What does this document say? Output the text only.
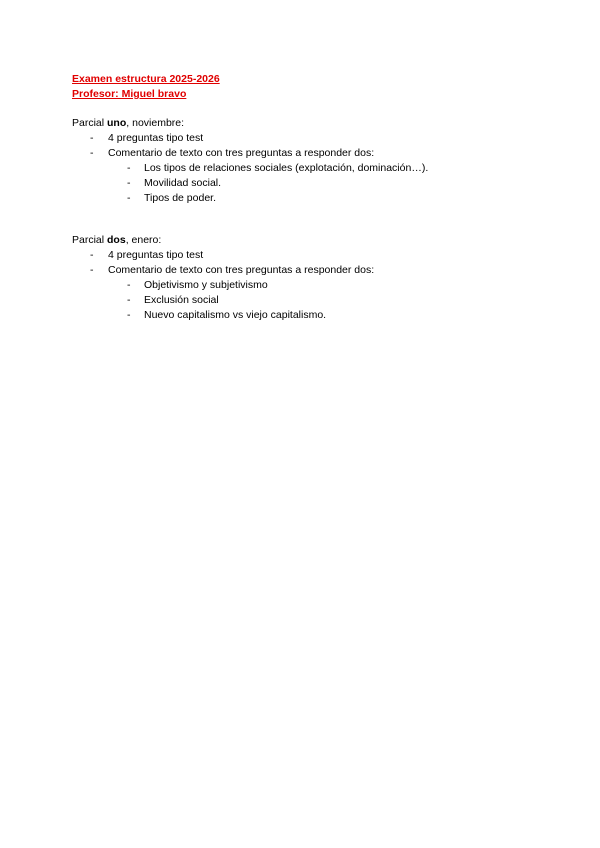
Examen estructura 2025-2026
Profesor: Miguel bravo
Parcial uno, noviembre:
- 4 preguntas tipo test
- Comentario de texto con tres preguntas a responder dos:
- Los tipos de relaciones sociales (explotación, dominación…).
- Movilidad social.
- Tipos de poder.
Parcial dos, enero:
- 4 preguntas tipo test
- Comentario de texto con tres preguntas a responder dos:
- Objetivismo y subjetivismo
- Exclusión social
- Nuevo capitalismo vs viejo capitalismo.
